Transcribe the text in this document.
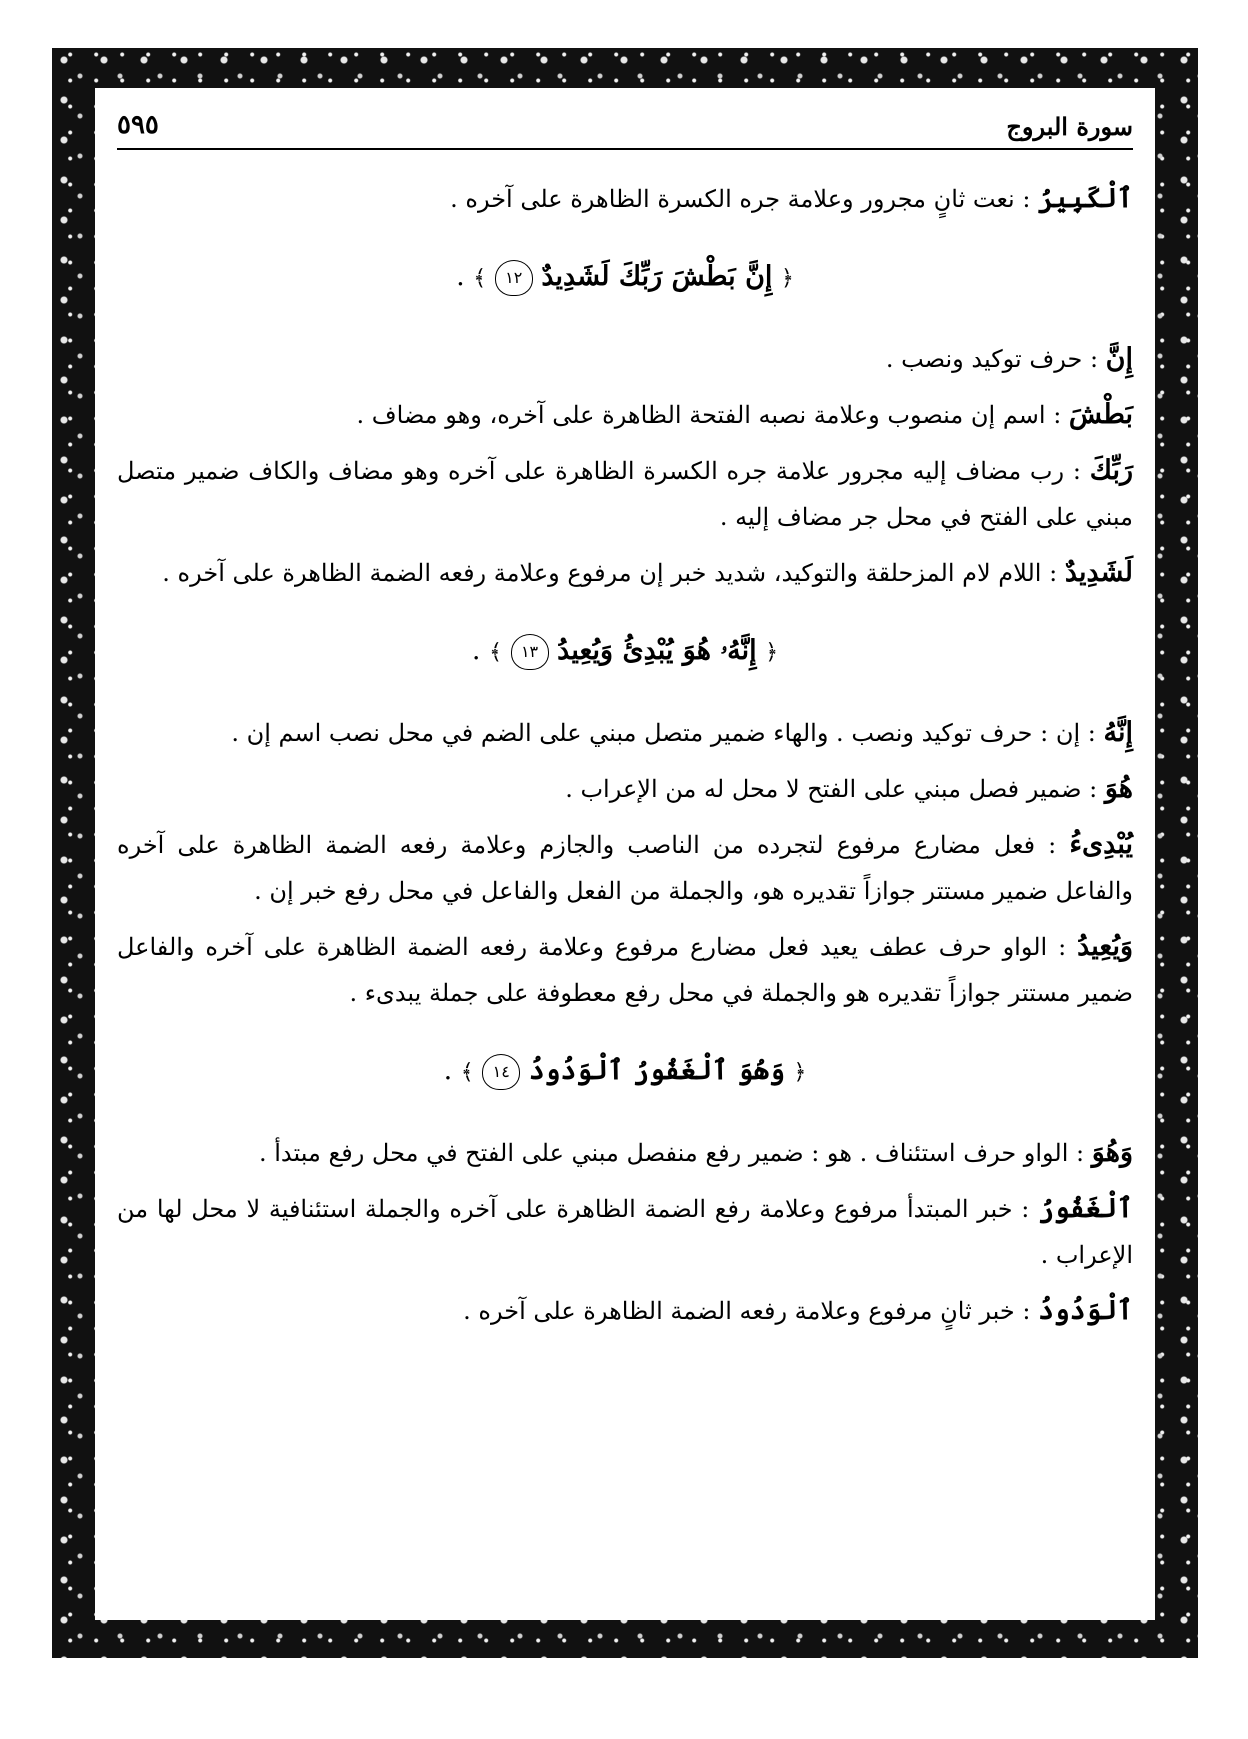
٥٩٥	سورة البروج

ٱلْكَبِيرُ : نعت ثانٍ مجرور وعلامة جره الكسرة الظاهرة على آخره .

﴿ إِنَّ بَطْشَ رَبِّكَ لَشَدِيدٌ ١٢ ﴾ .

إِنَّ : حرف توكيد ونصب .

بَطْشَ : اسم إن منصوب وعلامة نصبه الفتحة الظاهرة على آخره، وهو مضاف .

رَبِّكَ : رب مضاف إليه مجرور علامة جره الكسرة الظاهرة على آخره وهو مضاف والكاف ضمير متصل مبني على الفتح في محل جر مضاف إليه .

لَشَدِيدٌ : اللام لام المزحلقة والتوكيد، شديد خبر إن مرفوع وعلامة رفعه الضمة الظاهرة على آخره .

﴿ إِنَّهُۥ هُوَ يُبْدِئُ وَيُعِيدُ ١٣ ﴾ .

إِنَّهُ : إن : حرف توكيد ونصب . والهاء ضمير متصل مبني على الضم في محل نصب اسم إن .

هُوَ : ضمير فصل مبني على الفتح لا محل له من الإعراب .

يُبْدِىءُ : فعل مضارع مرفوع لتجرده من الناصب والجازم وعلامة رفعه الضمة الظاهرة على آخره والفاعل ضمير مستتر جوازاً تقديره هو، والجملة من الفعل والفاعل في محل رفع خبر إن .

وَيُعِيدُ : الواو حرف عطف يعيد فعل مضارع مرفوع وعلامة رفعه الضمة الظاهرة على آخره والفاعل ضمير مستتر جوازاً تقديره هو والجملة في محل رفع معطوفة على جملة يبدىء .

﴿ وَهُوَ ٱلْغَفُورُ ٱلْوَدُودُ ١٤ ﴾ .

وَهُوَ : الواو حرف استئناف . هو : ضمير رفع منفصل مبني على الفتح في محل رفع مبتدأ .

ٱلْغَفُورُ : خبر المبتدأ مرفوع وعلامة رفع الضمة الظاهرة على آخره والجملة استئنافية لا محل لها من الإعراب .

ٱلْوَدُودُ : خبر ثانٍ مرفوع وعلامة رفعه الضمة الظاهرة على آخره .
